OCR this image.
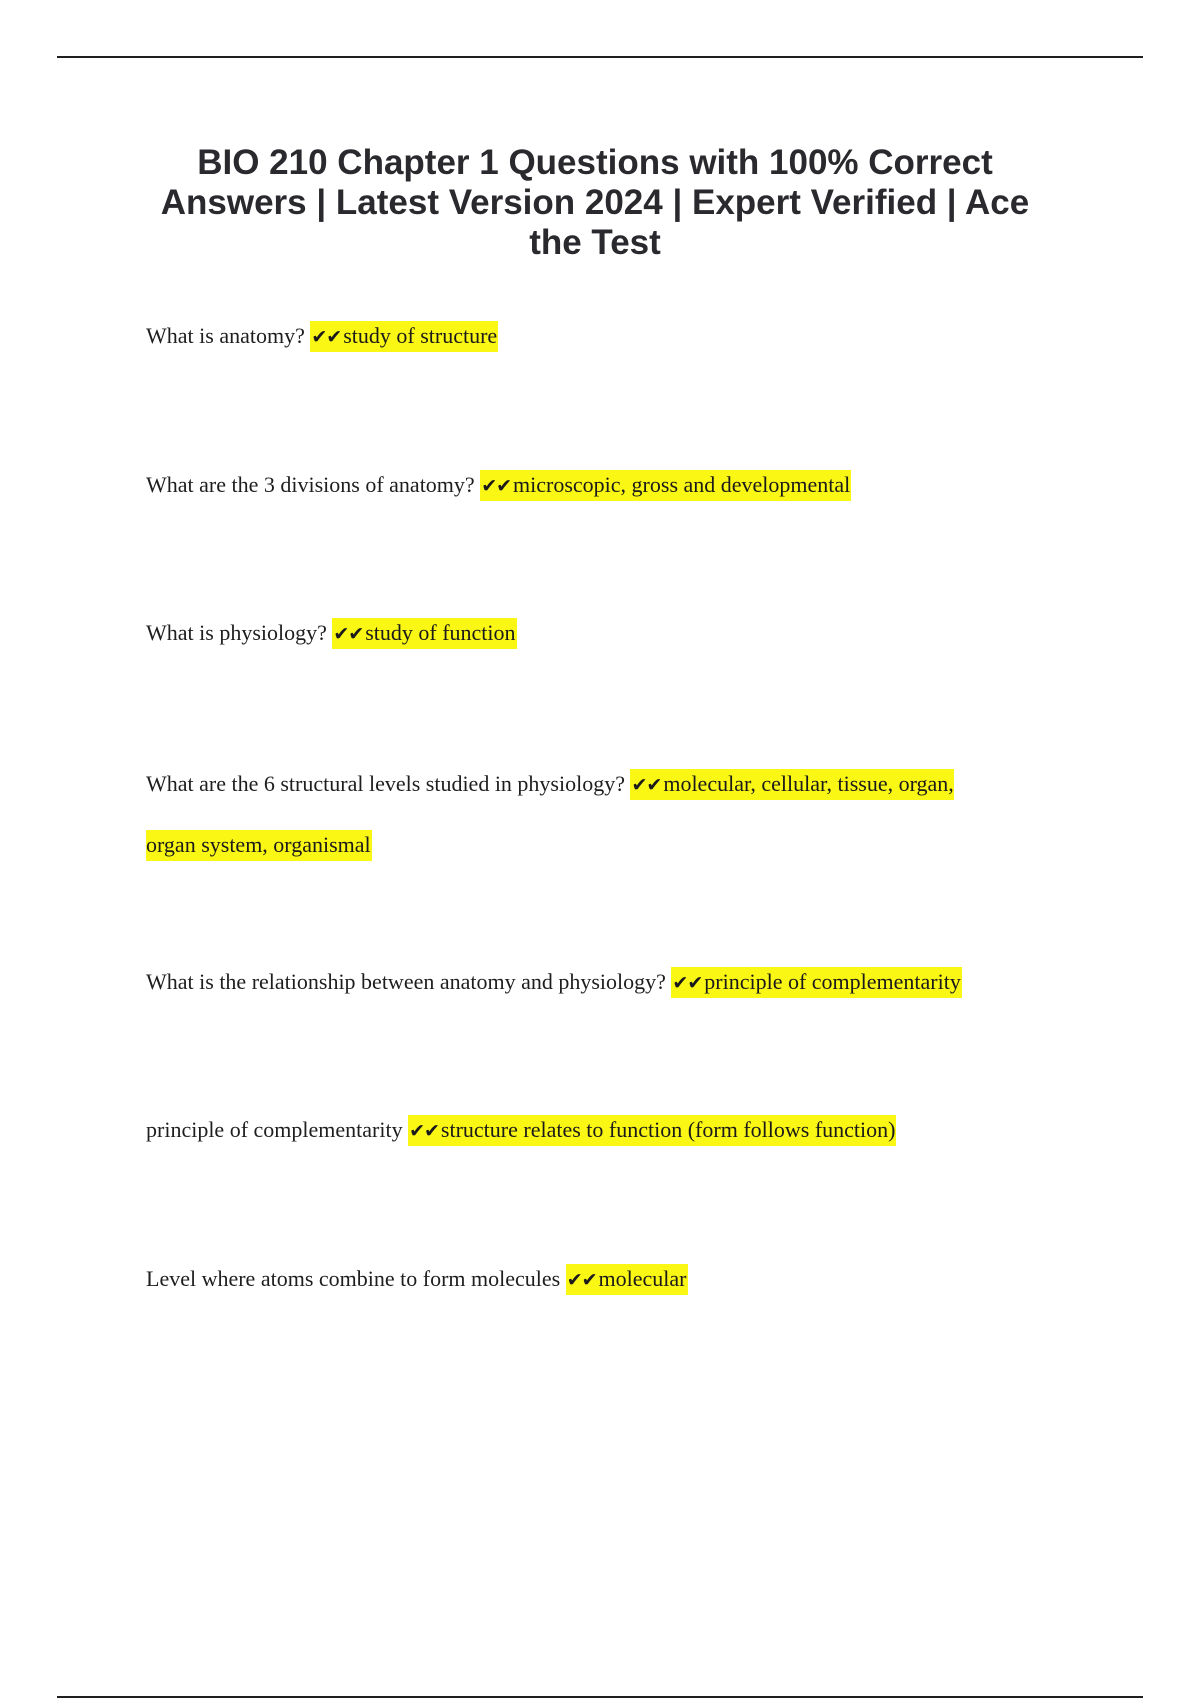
BIO 210 Chapter 1 Questions with 100% Correct Answers | Latest Version 2024 | Expert Verified | Ace the Test

What is anatomy? ✔✔study of structure

What are the 3 divisions of anatomy? ✔✔microscopic, gross and developmental

What is physiology? ✔✔study of function

What are the 6 structural levels studied in physiology? ✔✔molecular, cellular, tissue, organ, organ system, organismal

What is the relationship between anatomy and physiology? ✔✔principle of complementarity

principle of complementarity ✔✔structure relates to function (form follows function)

Level where atoms combine to form molecules ✔✔molecular
